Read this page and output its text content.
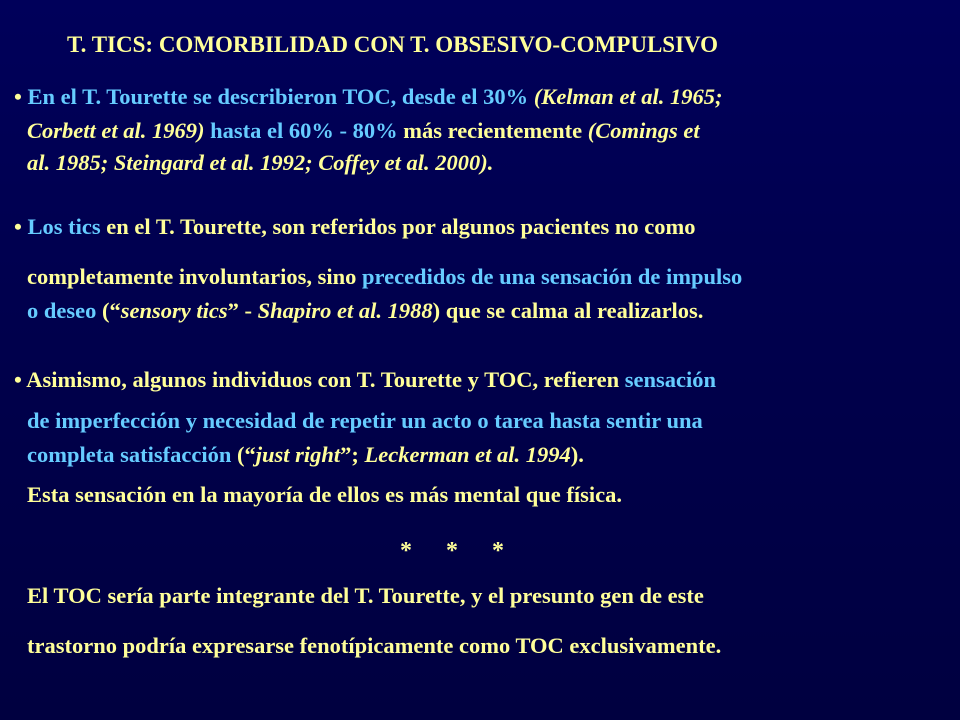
T. TICS: COMORBILIDAD CON T. OBSESIVO-COMPULSIVO
• En el T. Tourette se describieron TOC, desde el 30% (Kelman et al. 1965;
Corbett et al. 1969) hasta el 60% - 80% más recientemente (Comings et
al. 1985; Steingard et al. 1992; Coffey et al. 2000).
• Los tics en el T. Tourette, son referidos por algunos pacientes no como
completamente involuntarios, sino precedidos de una sensación de impulso
o deseo (“sensory tics” - Shapiro et al. 1988) que se calma al realizarlos.
• Asimismo, algunos individuos con T. Tourette y TOC, refieren sensación
de imperfección y necesidad de repetir un acto o tarea hasta sentir una
completa satisfacción (“just right”; Leckerman et al. 1994).
Esta sensación en la mayoría de ellos es más mental que física.
* * *
El TOC sería parte integrante del T. Tourette, y el presunto gen de este
trastorno podría expresarse fenotípicamente como TOC exclusivamente.
